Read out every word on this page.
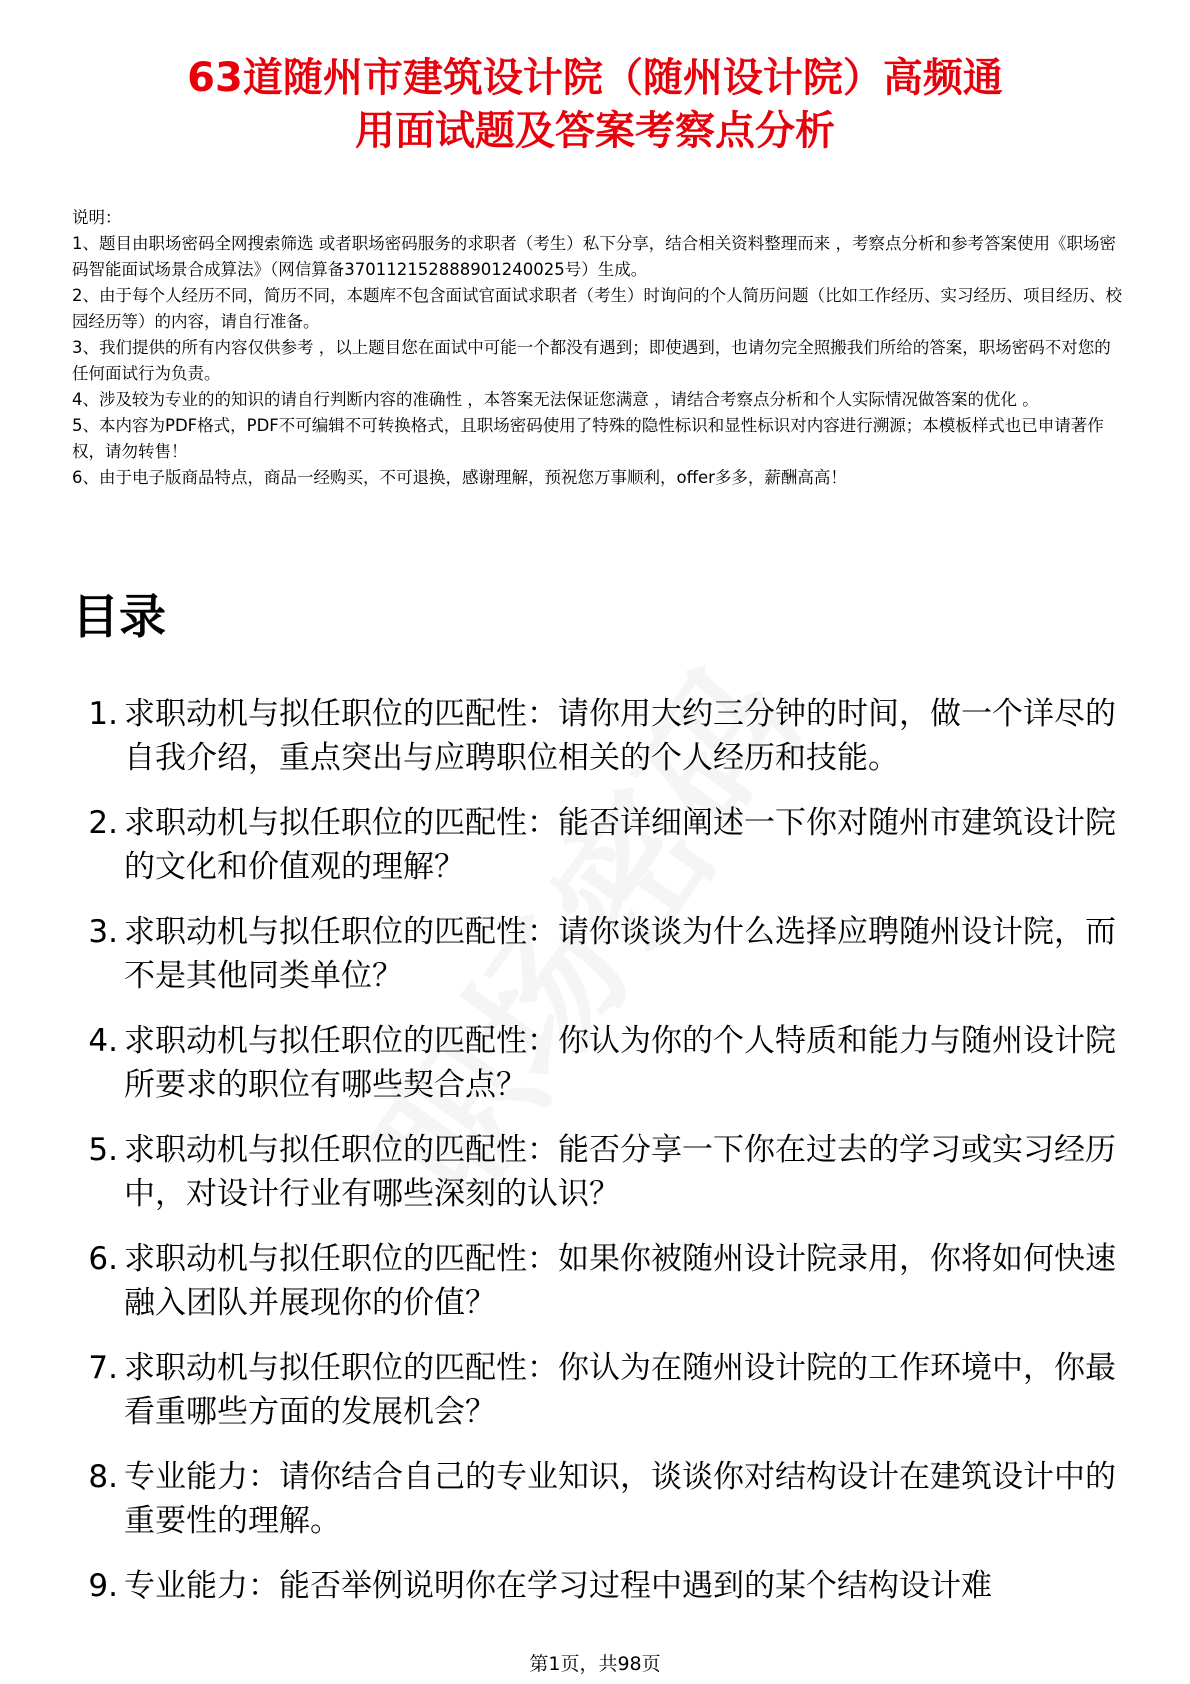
63道随州市建筑设计院（随州设计院）高频通
用面试题及答案考察点分析

说明：

1、题目由职场密码全网搜索筛选 或者职场密码服务的求职者（考生）私下分享，结合相关资料整理而来 ，考察点分析和参考答案使用《职场密码智能面试场景合成算法》（网信算备370112152888901240025号）生成。

2、由于每个人经历不同，简历不同，本题库不包含面试官面试求职者（考生）时询问的个人简历问题（比如工作经历、实习经历、项目经历、校园经历等）的内容，请自行准备。

3、我们提供的所有内容仅供参考 ，以上题目您在面试中可能一个都没有遇到；即使遇到，也请勿完全照搬我们所给的答案，职场密码不对您的任何面试行为负责。

4、涉及较为专业的的知识的请自行判断内容的准确性 ，本答案无法保证您满意 ，请结合考察点分析和个人实际情况做答案的优化 。

5、本内容为PDF格式，PDF不可编辑不可转换格式，且职场密码使用了特殊的隐性标识和显性标识对内容进行溯源；本模板样式也已申请著作权，请勿转售！

6、由于电子版商品特点，商品一经购买，不可退换，感谢理解，预祝您万事顺利，offer多多，薪酬高高！

目录
1 . 求职动机与拟任职位的匹配性：请你用大约三分钟的时间，做一个详尽的自我介绍，重点突出与应聘职位相关的个人经历和技能。
2 . 求职动机与拟任职位的匹配性：能否详细阐述一下你对随州市建筑设计院的文化和价值观的理解？
3 . 求职动机与拟任职位的匹配性：请你谈谈为什么选择应聘随州设计院，而不是其他同类单位？
4 . 求职动机与拟任职位的匹配性：你认为你的个人特质和能力与随州设计院所要求的职位有哪些契合点？
5 . 求职动机与拟任职位的匹配性：能否分享一下你在过去的学习或实习经历中，对设计行业有哪些深刻的认识？
6 . 求职动机与拟任职位的匹配性：如果你被随州设计院录用，你将如何快速融入团队并展现你的价值？
7 . 求职动机与拟任职位的匹配性：你认为在随州设计院的工作环境中，你最看重哪些方面的发展机会？
8 . 专业能力：请你结合自己的专业知识，谈谈你对结构设计在建筑设计中的重要性的理解。
9 . 专业能力：能否举例说明你在学习过程中遇到的某个结构设计难
第1页，共98页
